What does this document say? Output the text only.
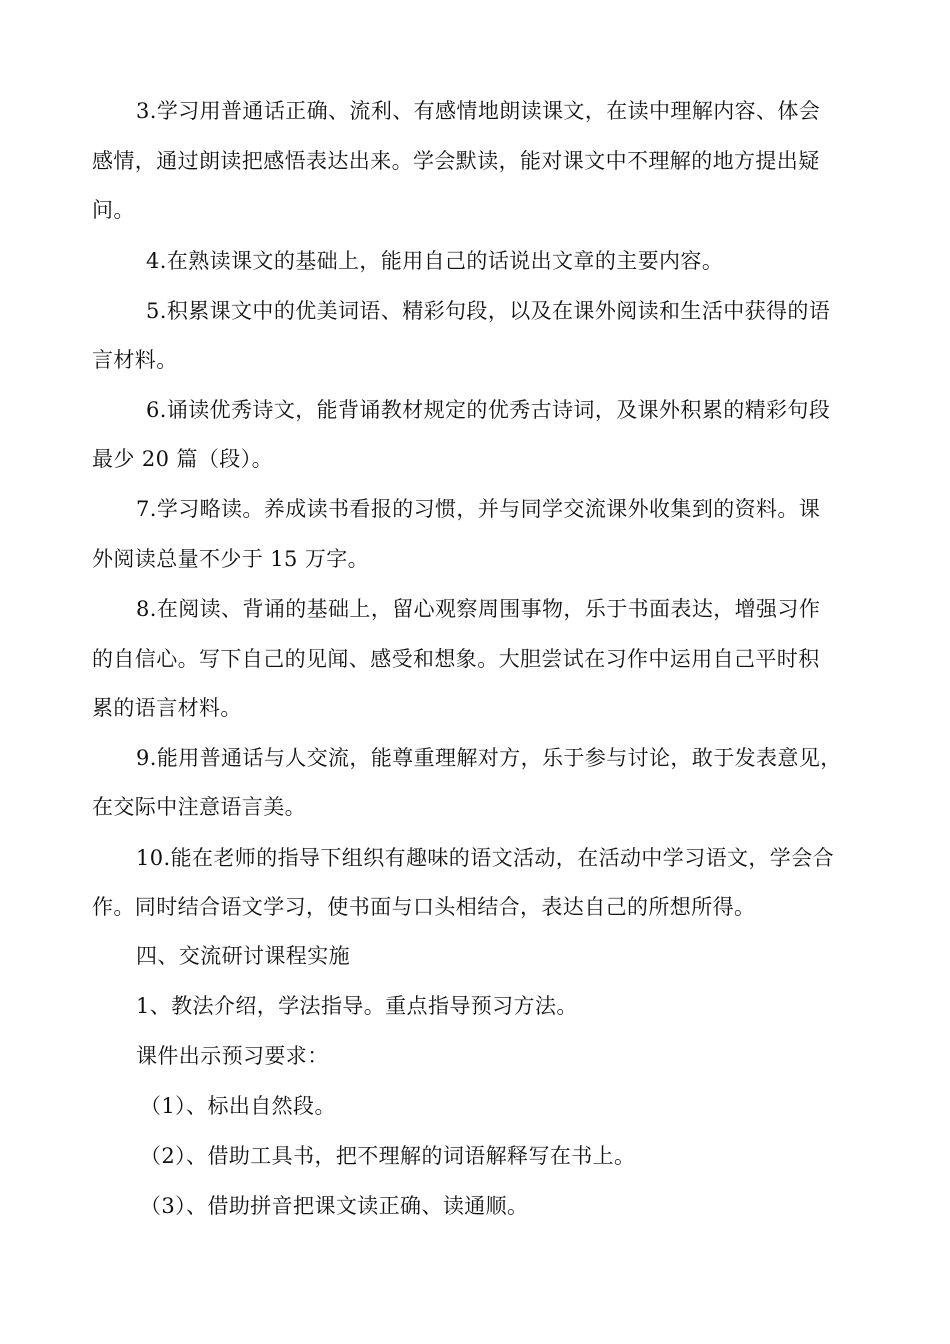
3.学习用普通话正确、流利、有感情地朗读课文，在读中理解内容、体会
感情，通过朗读把感悟表达出来。学会默读，能对课文中不理解的地方提出疑
问。
4.在熟读课文的基础上，能用自己的话说出文章的主要内容。
5.积累课文中的优美词语、精彩句段，以及在课外阅读和生活中获得的语
言材料。
6.诵读优秀诗文，能背诵教材规定的优秀古诗词，及课外积累的精彩句段
最少 20 篇（段）。
7.学习略读。养成读书看报的习惯，并与同学交流课外收集到的资料。课
外阅读总量不少于 15 万字。
8.在阅读、背诵的基础上，留心观察周围事物，乐于书面表达，增强习作
的自信心。写下自己的见闻、感受和想象。大胆尝试在习作中运用自己平时积
累的语言材料。
9.能用普通话与人交流，能尊重理解对方，乐于参与讨论，敢于发表意见，
在交际中注意语言美。
10.能在老师的指导下组织有趣味的语文活动，在活动中学习语文，学会合
作。同时结合语文学习，使书面与口头相结合，表达自己的所想所得。
四、交流研讨课程实施
1、教法介绍，学法指导。重点指导预习方法。
课件出示预习要求：
（1）、标出自然段。
（2）、借助工具书，把不理解的词语解释写在书上。
（3）、借助拼音把课文读正确、读通顺。
